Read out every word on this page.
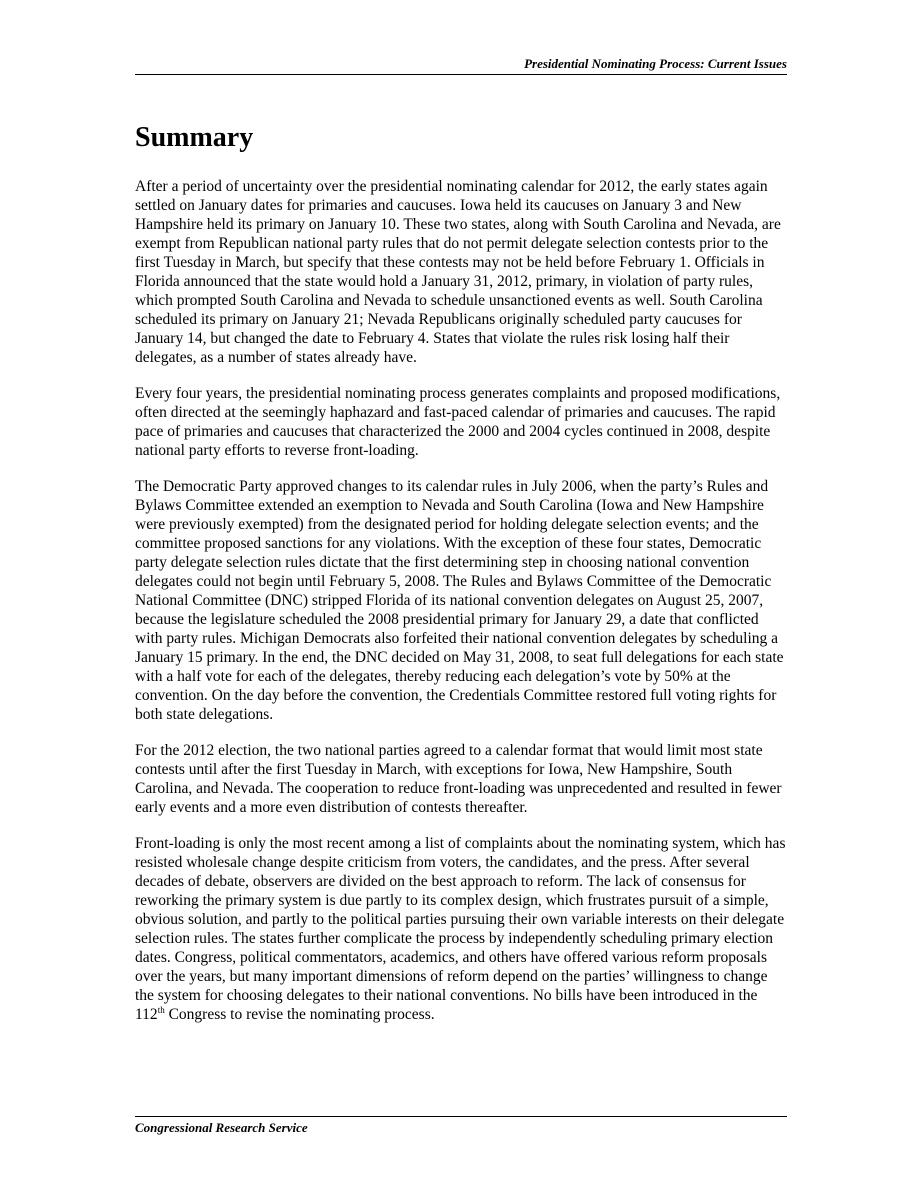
Presidential Nominating Process: Current Issues
Summary

After a period of uncertainty over the presidential nominating calendar for 2012, the early states again settled on January dates for primaries and caucuses. Iowa held its caucuses on January 3 and New Hampshire held its primary on January 10. These two states, along with South Carolina and Nevada, are exempt from Republican national party rules that do not permit delegate selection contests prior to the first Tuesday in March, but specify that these contests may not be held before February 1. Officials in Florida announced that the state would hold a January 31, 2012, primary, in violation of party rules, which prompted South Carolina and Nevada to schedule unsanctioned events as well. South Carolina scheduled its primary on January 21; Nevada Republicans originally scheduled party caucuses for January 14, but changed the date to February 4. States that violate the rules risk losing half their delegates, as a number of states already have.

Every four years, the presidential nominating process generates complaints and proposed modifications, often directed at the seemingly haphazard and fast-paced calendar of primaries and caucuses. The rapid pace of primaries and caucuses that characterized the 2000 and 2004 cycles continued in 2008, despite national party efforts to reverse front-loading.

The Democratic Party approved changes to its calendar rules in July 2006, when the party’s Rules and Bylaws Committee extended an exemption to Nevada and South Carolina (Iowa and New Hampshire were previously exempted) from the designated period for holding delegate selection events; and the committee proposed sanctions for any violations. With the exception of these four states, Democratic party delegate selection rules dictate that the first determining step in choosing national convention delegates could not begin until February 5, 2008. The Rules and Bylaws Committee of the Democratic National Committee (DNC) stripped Florida of its national convention delegates on August 25, 2007, because the legislature scheduled the 2008 presidential primary for January 29, a date that conflicted with party rules. Michigan Democrats also forfeited their national convention delegates by scheduling a January 15 primary. In the end, the DNC decided on May 31, 2008, to seat full delegations for each state with a half vote for each of the delegates, thereby reducing each delegation’s vote by 50% at the convention. On the day before the convention, the Credentials Committee restored full voting rights for both state delegations.

For the 2012 election, the two national parties agreed to a calendar format that would limit most state contests until after the first Tuesday in March, with exceptions for Iowa, New Hampshire, South Carolina, and Nevada. The cooperation to reduce front-loading was unprecedented and resulted in fewer early events and a more even distribution of contests thereafter.

Front-loading is only the most recent among a list of complaints about the nominating system, which has resisted wholesale change despite criticism from voters, the candidates, and the press. After several decades of debate, observers are divided on the best approach to reform. The lack of consensus for reworking the primary system is due partly to its complex design, which frustrates pursuit of a simple, obvious solution, and partly to the political parties pursuing their own variable interests on their delegate selection rules. The states further complicate the process by independently scheduling primary election dates. Congress, political commentators, academics, and others have offered various reform proposals over the years, but many important dimensions of reform depend on the parties’ willingness to change the system for choosing delegates to their national conventions. No bills have been introduced in the 112th Congress to revise the nominating process.

Congressional Research Service
